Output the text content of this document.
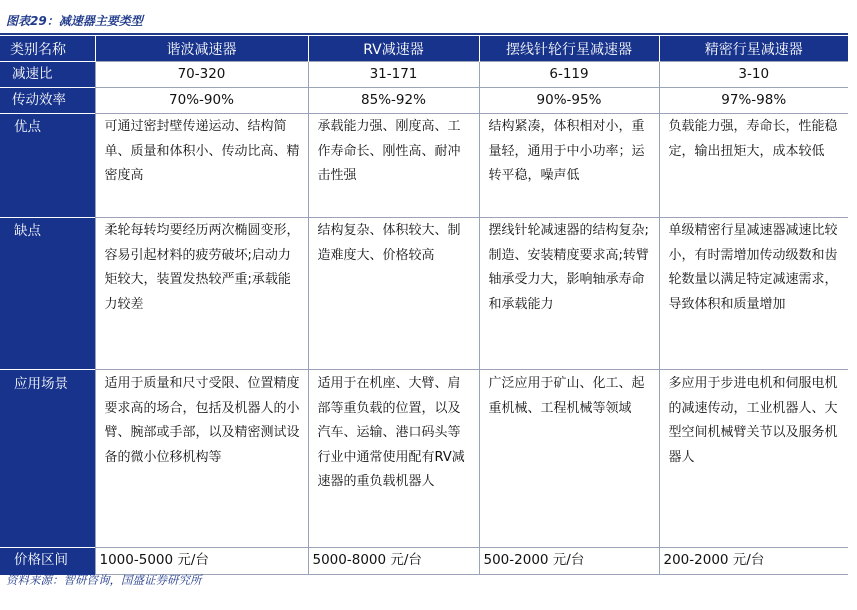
图表29：减速器主要类型
类别名称	谐波减速器	RV减速器	摆线针轮行星减速器	精密行星减速器
减速比	70-320	31-171	6-119	3-10
传动效率	70%-90%	85%-92%	90%-95%	97%-98%
优点	可通过密封壁传递运动、结构简单、质量和体积小、传动比高、精密度高	承载能力强、刚度高、工作寿命长、刚性高、耐冲击性强	结构紧凑，体积相对小，重量轻，通用于中小功率；运转平稳，噪声低	负载能力强，寿命长，性能稳定，输出扭矩大，成本较低
缺点	柔轮每转均要经历两次椭圆变形，容易引起材料的疲劳破坏;启动力矩较大，装置发热较严重;承载能力较差	结构复杂、体积较大、制造难度大、价格较高	摆线针轮减速器的结构复杂;制造、安装精度要求高;转臂轴承受力大，影响轴承寿命和承载能力	单级精密行星减速器减速比较小，有时需增加传动级数和齿轮数量以满足特定减速需求，导致体积和质量增加
应用场景	适用于质量和尺寸受限、位置精度要求高的场合，包括及机器人的小臂、腕部或手部，以及精密测试设备的微小位移机构等	适用于在机座、大臂、肩部等重负载的位置，以及汽车、运输、港口码头等行业中通常使用配有RV减速器的重负载机器人	广泛应用于矿山、化工、起重机械、工程机械等领域	多应用于步进电机和伺服电机的减速传动，工业机器人、大型空间机械臂关节以及服务机器人
价格区间	1000-5000 元/台	5000-8000 元/台	500-2000 元/台	200-2000 元/台
资料来源：智研咨询，国盛证券研究所
